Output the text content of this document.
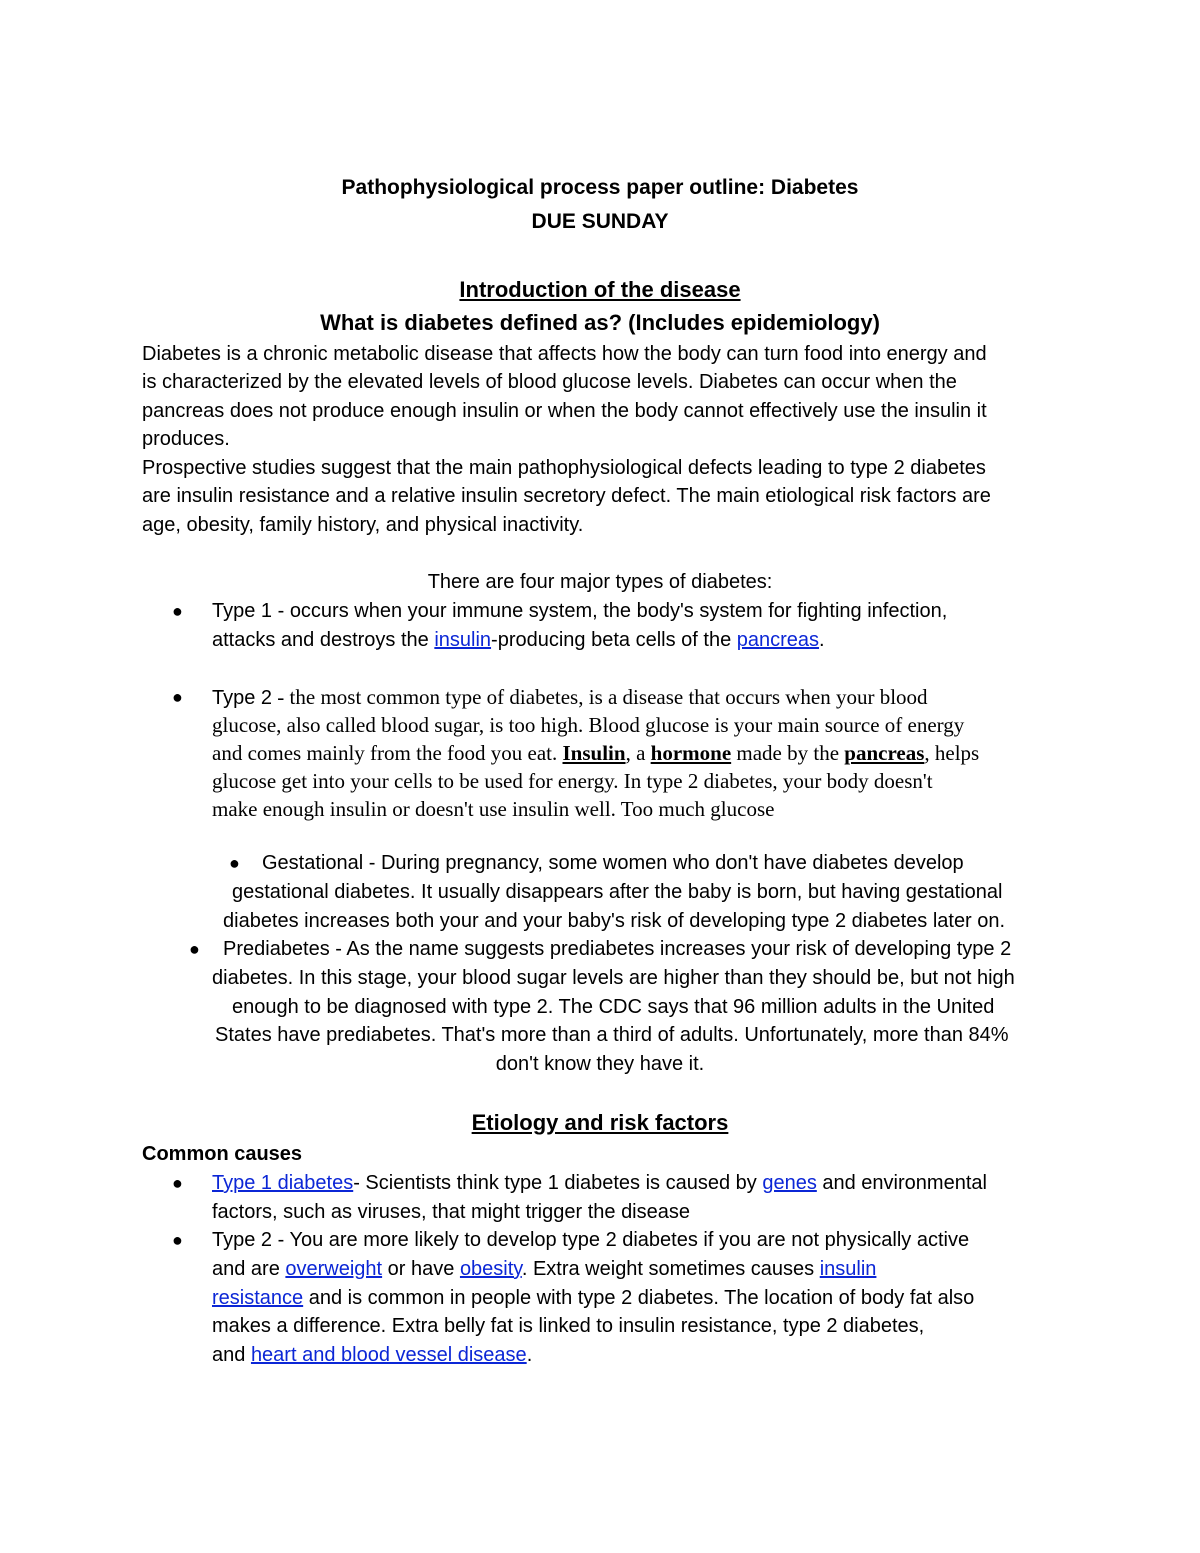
Pathophysiological process paper outline: Diabetes
DUE SUNDAY
Introduction of the disease
What is diabetes defined as? (Includes epidemiology)
Diabetes is a chronic metabolic disease that affects how the body can turn food into energy and
is characterized by the elevated levels of blood glucose levels. Diabetes can occur when the
pancreas does not produce enough insulin or when the body cannot effectively use the insulin it
produces.
Prospective studies suggest that the main pathophysiological defects leading to type 2 diabetes
are insulin resistance and a relative insulin secretory defect. The main etiological risk factors are
age, obesity, family history, and physical inactivity.
There are four major types of diabetes:
● Type 1 - occurs when your immune system, the body's system for fighting infection,
attacks and destroys the insulin-producing beta cells of the pancreas.
● Type 2 - the most common type of diabetes, is a disease that occurs when your blood
glucose, also called blood sugar, is too high. Blood glucose is your main source of energy
and comes mainly from the food you eat. Insulin, a hormone made by the pancreas, helps
glucose get into your cells to be used for energy. In type 2 diabetes, your body doesn't
make enough insulin or doesn't use insulin well. Too much glucose
● Gestational - During pregnancy, some women who don't have diabetes develop
gestational diabetes. It usually disappears after the baby is born, but having gestational
diabetes increases both your and your baby's risk of developing type 2 diabetes later on.
● Prediabetes - As the name suggests prediabetes increases your risk of developing type 2
diabetes. In this stage, your blood sugar levels are higher than they should be, but not high
enough to be diagnosed with type 2. The CDC says that 96 million adults in the United
States have prediabetes. That's more than a third of adults. Unfortunately, more than 84%
don't know they have it.
Etiology and risk factors
Common causes
● Type 1 diabetes- Scientists think type 1 diabetes is caused by genes and environmental
factors, such as viruses, that might trigger the disease
● Type 2 - You are more likely to develop type 2 diabetes if you are not physically active
and are overweight or have obesity. Extra weight sometimes causes insulin
resistance and is common in people with type 2 diabetes. The location of body fat also
makes a difference. Extra belly fat is linked to insulin resistance, type 2 diabetes,
and heart and blood vessel disease.
